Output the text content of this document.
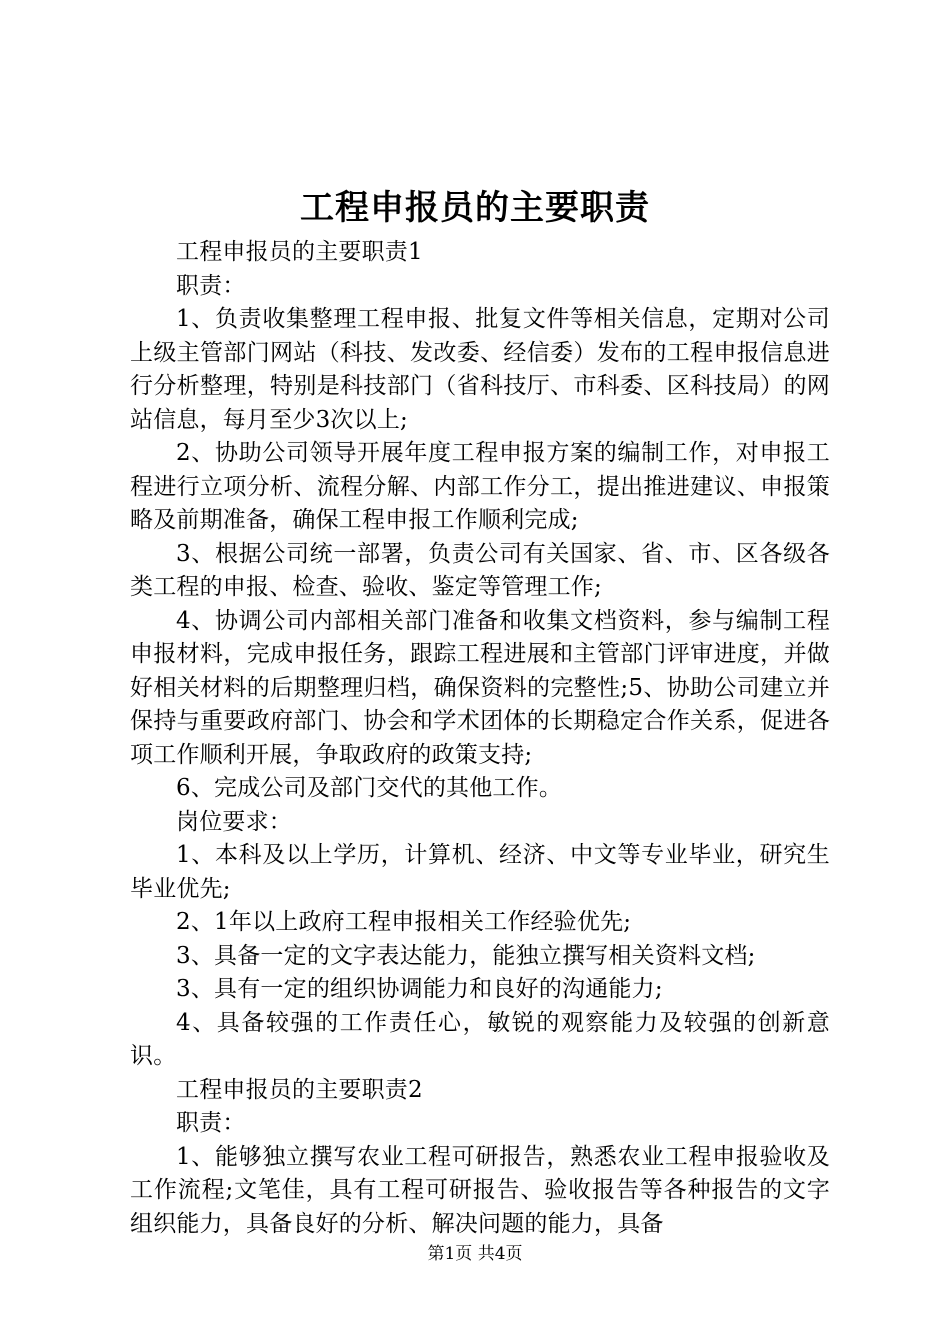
工程申报员的主要职责

工程申报员的主要职责1

职责：

1、负责收集整理工程申报、批复文件等相关信息，定期对公司上级主管部门网站（科技、发改委、经信委）发布的工程申报信息进行分析整理，特别是科技部门（省科技厅、市科委、区科技局）的网站信息，每月至少3次以上;

2、协助公司领导开展年度工程申报方案的编制工作，对申报工程进行立项分析、流程分解、内部工作分工，提出推进建议、申报策略及前期准备，确保工程申报工作顺利完成;

3、根据公司统一部署，负责公司有关国家、省、市、区各级各类工程的申报、检查、验收、鉴定等管理工作;

4、协调公司内部相关部门准备和收集文档资料，参与编制工程申报材料，完成申报任务，跟踪工程进展和主管部门评审进度，并做好相关材料的后期整理归档，确保资料的完整性;5、协助公司建立并保持与重要政府部门、协会和学术团体的长期稳定合作关系，促进各项工作顺利开展，争取政府的政策支持;

6、完成公司及部门交代的其他工作。

岗位要求：

1、本科及以上学历，计算机、经济、中文等专业毕业，研究生毕业优先;

2、1年以上政府工程申报相关工作经验优先;

3、具备一定的文字表达能力，能独立撰写相关资料文档;

3、具有一定的组织协调能力和良好的沟通能力;

4、具备较强的工作责任心，敏锐的观察能力及较强的创新意识。

工程申报员的主要职责2

职责：

1、能够独立撰写农业工程可研报告，熟悉农业工程申报验收及工作流程;文笔佳，具有工程可研报告、验收报告等各种报告的文字组织能力，具备良好的分析、解决问题的能力，具备

第1页 共4页
